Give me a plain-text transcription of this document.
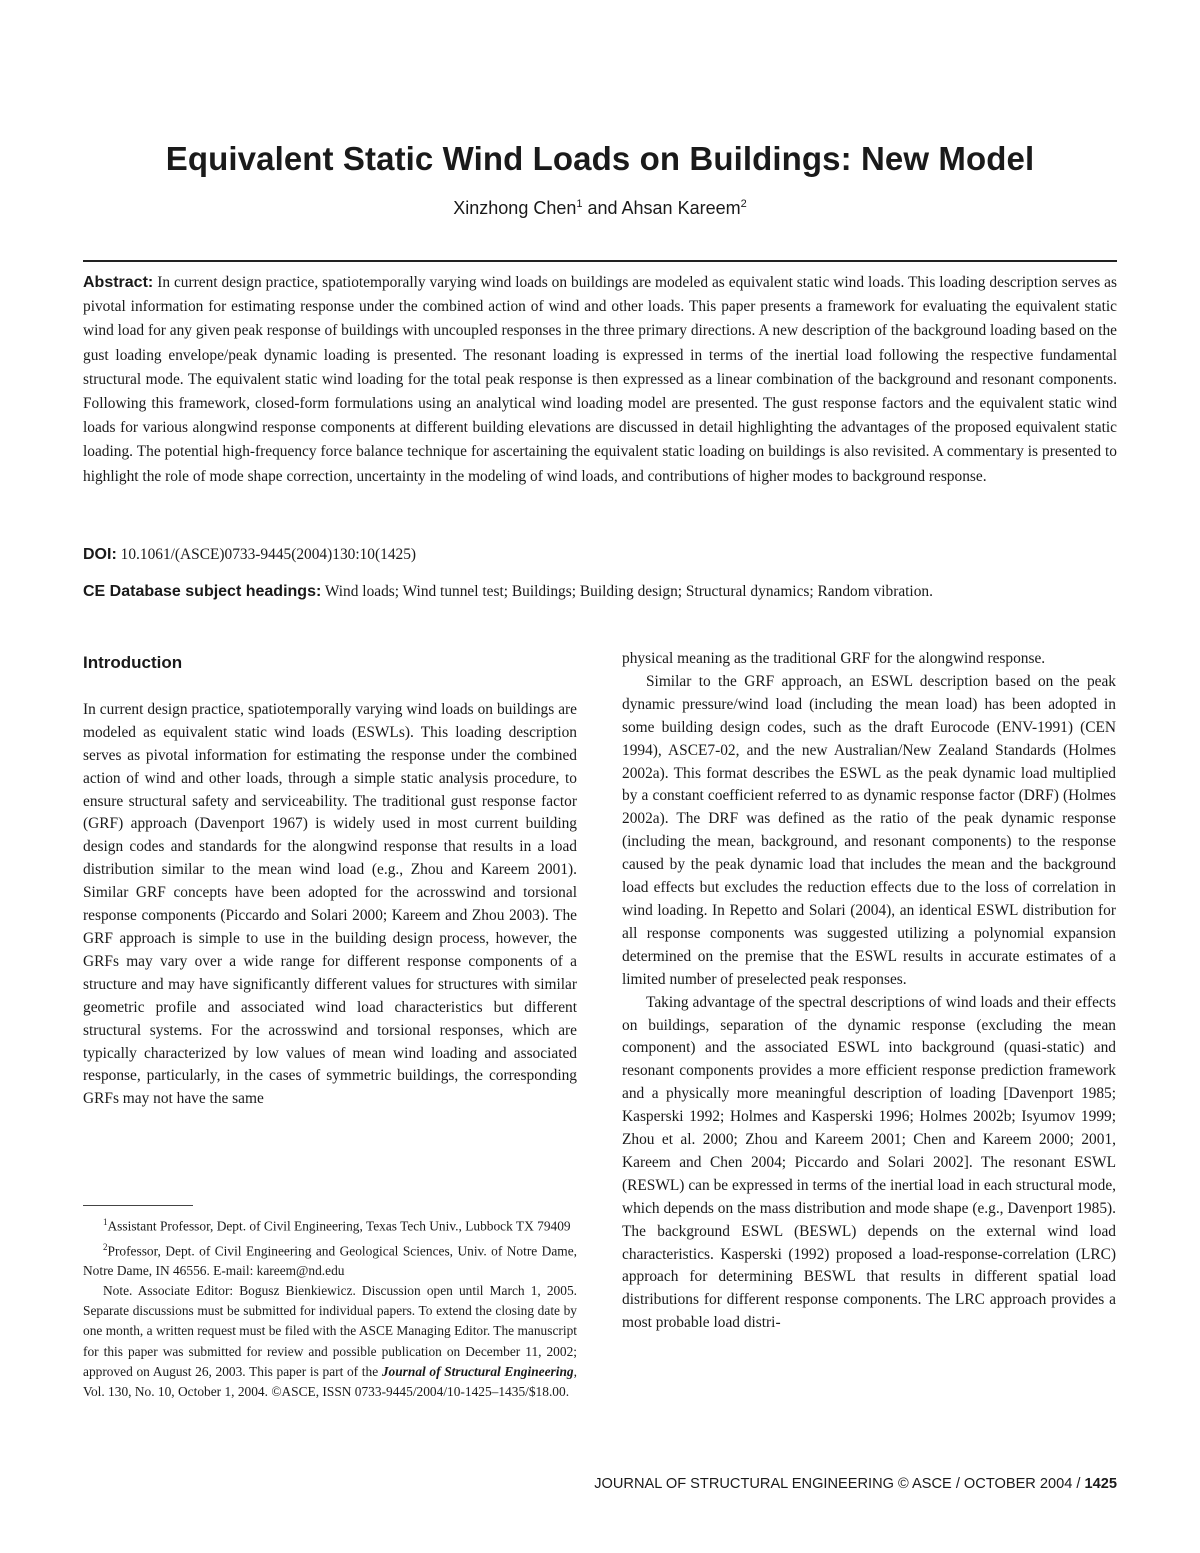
Equivalent Static Wind Loads on Buildings: New Model
Xinzhong Chen$^1$ and Ahsan Kareem$^2$
Abstract: In current design practice, spatiotemporally varying wind loads on buildings are modeled as equivalent static wind loads. This loading description serves as pivotal information for estimating response under the combined action of wind and other loads. This paper presents a framework for evaluating the equivalent static wind load for any given peak response of buildings with uncoupled responses in the three primary directions. A new description of the background loading based on the gust loading envelope/peak dynamic loading is presented. The resonant loading is expressed in terms of the inertial load following the respective fundamental structural mode. The equivalent static wind loading for the total peak response is then expressed as a linear combination of the background and resonant components. Following this framework, closed-form formulations using an analytical wind loading model are presented. The gust response factors and the equivalent static wind loads for various alongwind response components at different building elevations are discussed in detail highlighting the advantages of the proposed equivalent static loading. The potential high-frequency force balance technique for ascertaining the equivalent static loading on buildings is also revisited. A commentary is presented to highlight the role of mode shape correction, uncertainty in the modeling of wind loads, and contributions of higher modes to background response.
DOI: 10.1061/(ASCE)0733-9445(2004)130:10(1425)
CE Database subject headings: Wind loads; Wind tunnel test; Buildings; Building design; Structural dynamics; Random vibration.
Introduction

In current design practice, spatiotemporally varying wind loads on buildings are modeled as equivalent static wind loads (ESWLs). This loading description serves as pivotal information for estimating the response under the combined action of wind and other loads, through a simple static analysis procedure, to ensure structural safety and serviceability. The traditional gust response factor (GRF) approach (Davenport 1967) is widely used in most current building design codes and standards for the alongwind response that results in a load distribution similar to the mean wind load (e.g., Zhou and Kareem 2001). Similar GRF concepts have been adopted for the acrosswind and torsional response components (Piccardo and Solari 2000; Kareem and Zhou 2003). The GRF approach is simple to use in the building design process, however, the GRFs may vary over a wide range for different response components of a structure and may have significantly different values for structures with similar geometric profile and associated wind load characteristics but different structural systems. For the acrosswind and torsional responses, which are typically characterized by low values of mean wind loading and associated response, particularly, in the cases of symmetric buildings, the corresponding GRFs may not have the same

$^1$Assistant Professor, Dept. of Civil Engineering, Texas Tech Univ., Lubbock TX 79409

$^2$Professor, Dept. of Civil Engineering and Geological Sciences, Univ. of Notre Dame, Notre Dame, IN 46556. E-mail: kareem@nd.edu

Note. Associate Editor: Bogusz Bienkiewicz. Discussion open until March 1, 2005. Separate discussions must be submitted for individual papers. To extend the closing date by one month, a written request must be filed with the ASCE Managing Editor. The manuscript for this paper was submitted for review and possible publication on December 11, 2002; approved on August 26, 2003. This paper is part of the Journal of Structural Engineering, Vol. 130, No. 10, October 1, 2004. ©ASCE, ISSN 0733-9445/2004/10-1425–1435/$18.00.

physical meaning as the traditional GRF for the alongwind response.

Similar to the GRF approach, an ESWL description based on the peak dynamic pressure/wind load (including the mean load) has been adopted in some building design codes, such as the draft Eurocode (ENV-1991) (CEN 1994), ASCE7-02, and the new Australian/New Zealand Standards (Holmes 2002a). This format describes the ESWL as the peak dynamic load multiplied by a constant coefficient referred to as dynamic response factor (DRF) (Holmes 2002a). The DRF was defined as the ratio of the peak dynamic response (including the mean, background, and resonant components) to the response caused by the peak dynamic load that includes the mean and the background load effects but excludes the reduction effects due to the loss of correlation in wind loading. In Repetto and Solari (2004), an identical ESWL distribution for all response components was suggested utilizing a polynomial expansion determined on the premise that the ESWL results in accurate estimates of a limited number of preselected peak responses.

Taking advantage of the spectral descriptions of wind loads and their effects on buildings, separation of the dynamic response (excluding the mean component) and the associated ESWL into background (quasi-static) and resonant components provides a more efficient response prediction framework and a physically more meaningful description of loading [Davenport 1985; Kasperski 1992; Holmes and Kasperski 1996; Holmes 2002b; Isyumov 1999; Zhou et al. 2000; Zhou and Kareem 2001; Chen and Kareem 2000; 2001, Kareem and Chen 2004; Piccardo and Solari 2002]. The resonant ESWL (RESWL) can be expressed in terms of the inertial load in each structural mode, which depends on the mass distribution and mode shape (e.g., Davenport 1985). The background ESWL (BESWL) depends on the external wind load characteristics. Kasperski (1992) proposed a load-response-correlation (LRC) approach for determining BESWL that results in different spatial load distributions for different response components. The LRC approach provides a most probable load distri-

JOURNAL OF STRUCTURAL ENGINEERING © ASCE / OCTOBER 2004 / 1425
